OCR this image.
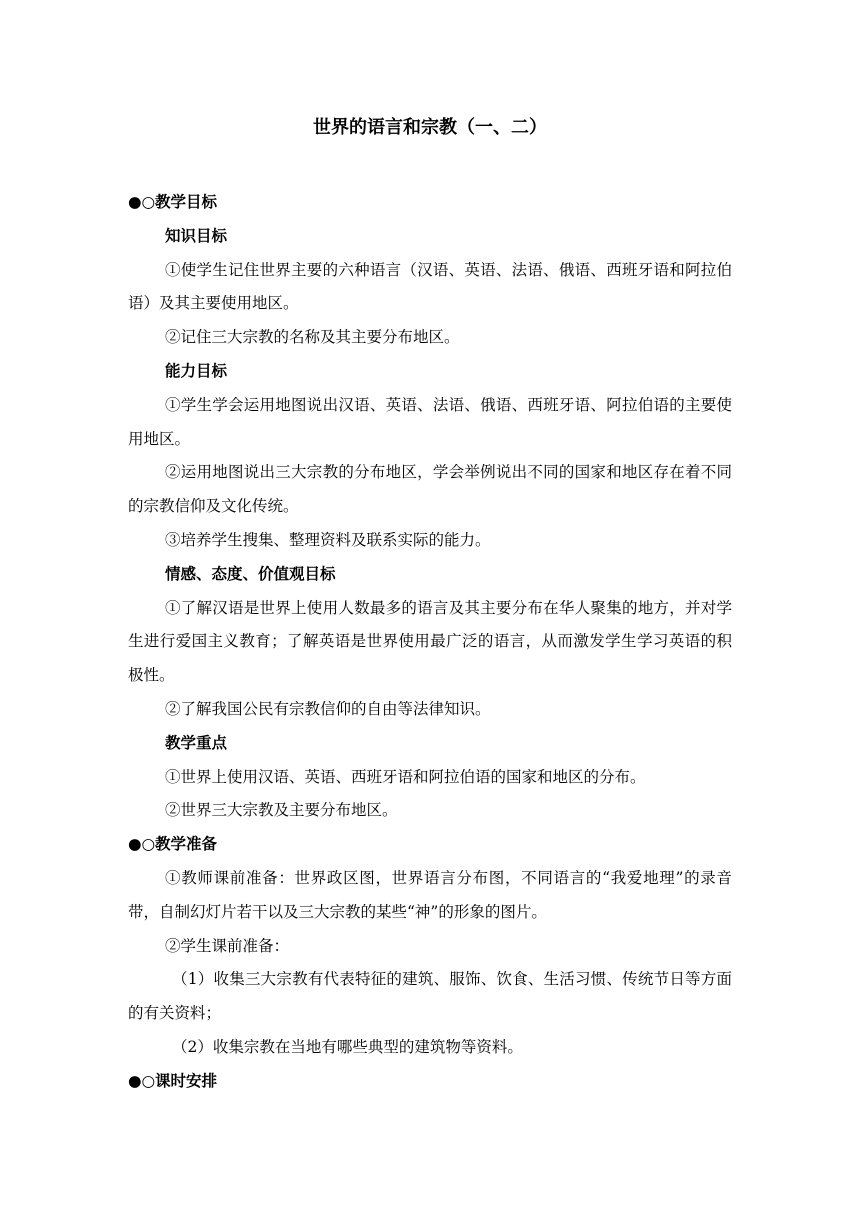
世界的语言和宗教（一、二）

●○教学目标

知识目标

①使学生记住世界主要的六种语言（汉语、英语、法语、俄语、西班牙语和阿拉伯语）及其主要使用地区。

②记住三大宗教的名称及其主要分布地区。

能力目标

①学生学会运用地图说出汉语、英语、法语、俄语、西班牙语、阿拉伯语的主要使用地区。

②运用地图说出三大宗教的分布地区，学会举例说出不同的国家和地区存在着不同的宗教信仰及文化传统。

③培养学生搜集、整理资料及联系实际的能力。

情感、态度、价值观目标

①了解汉语是世界上使用人数最多的语言及其主要分布在华人聚集的地方，并对学生进行爱国主义教育；了解英语是世界使用最广泛的语言，从而激发学生学习英语的积极性。

②了解我国公民有宗教信仰的自由等法律知识。

教学重点

①世界上使用汉语、英语、西班牙语和阿拉伯语的国家和地区的分布。

②世界三大宗教及主要分布地区。

●○教学准备

①教师课前准备：世界政区图，世界语言分布图，不同语言的“我爱地理”的录音带，自制幻灯片若干以及三大宗教的某些“神”的形象的图片。

②学生课前准备：

（1）收集三大宗教有代表特征的建筑、服饰、饮食、生活习惯、传统节日等方面的有关资料；

（2）收集宗教在当地有哪些典型的建筑物等资料。

●○课时安排
